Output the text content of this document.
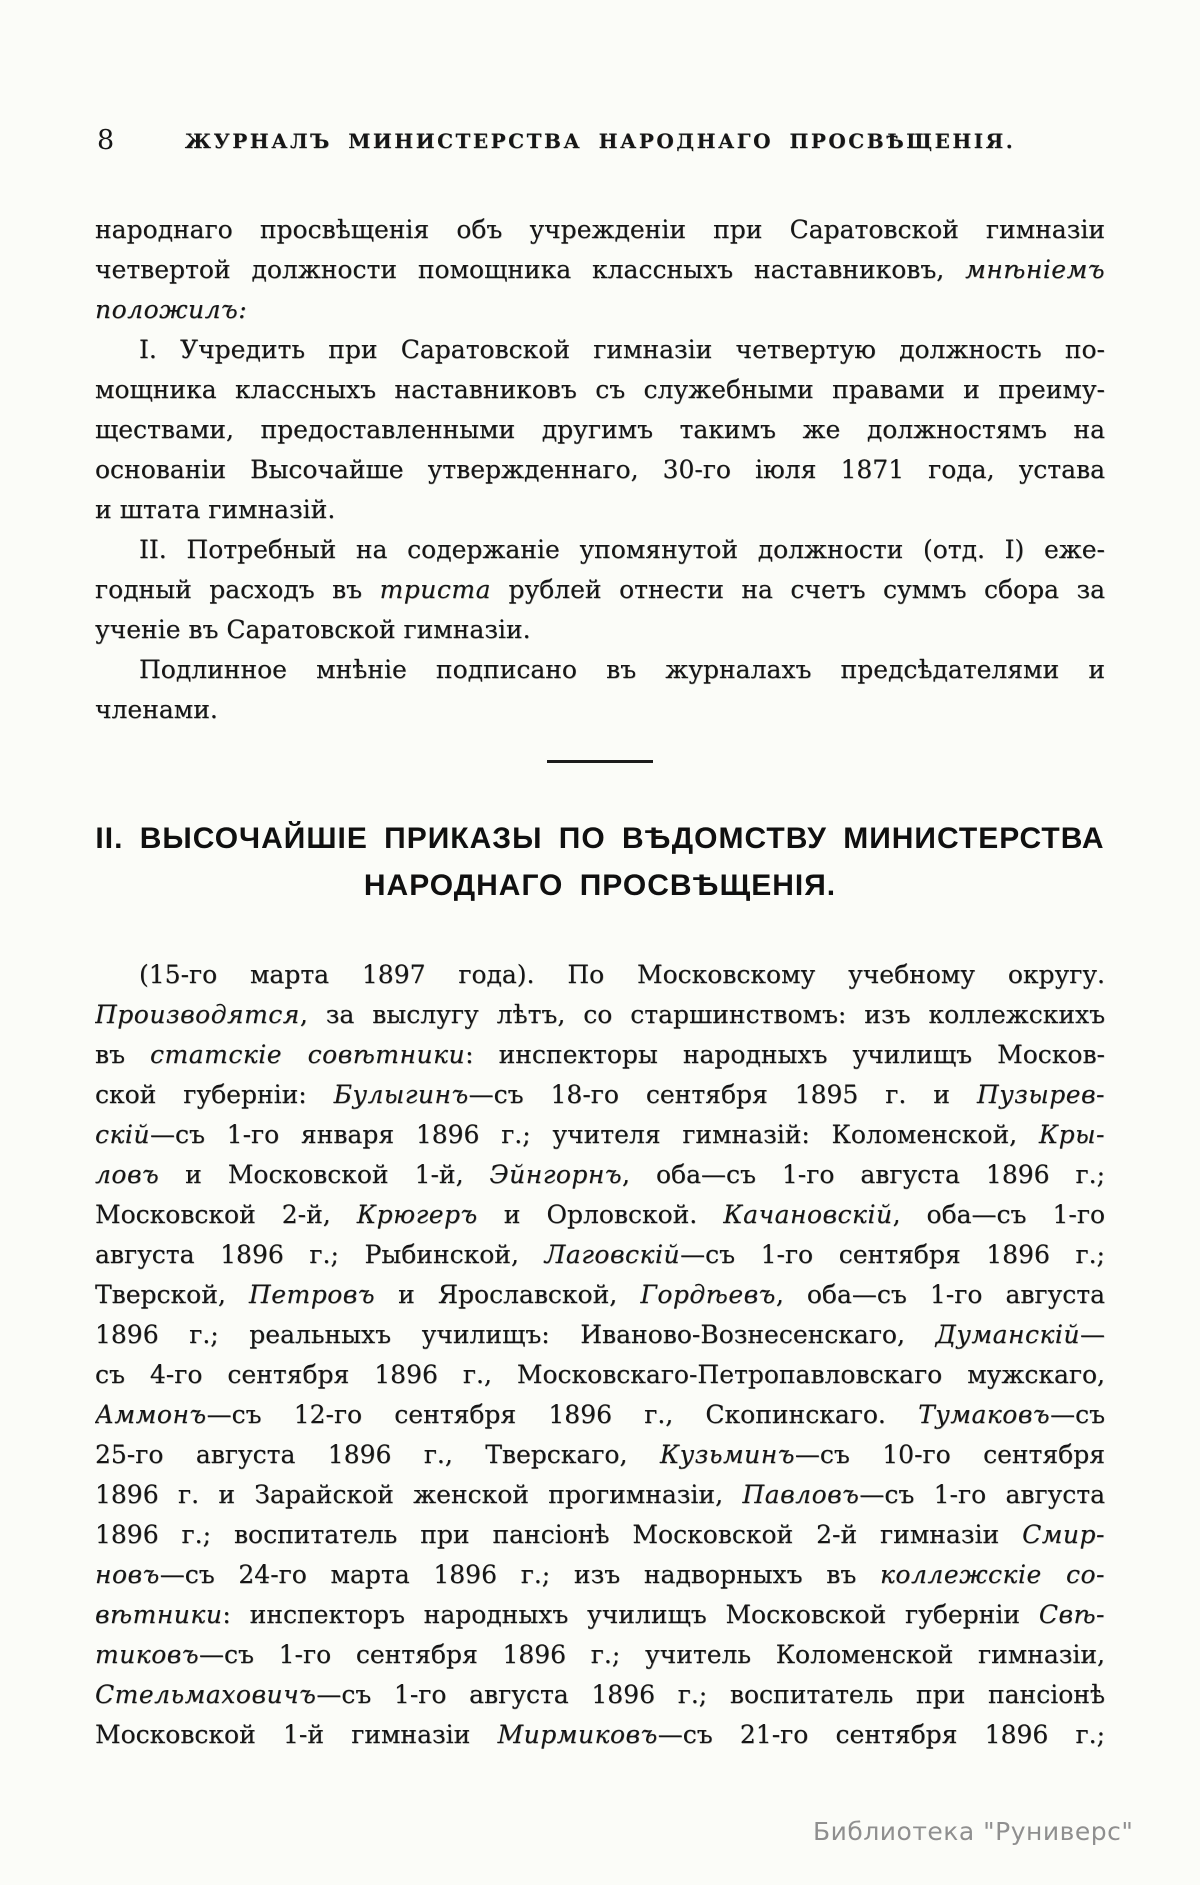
8	ЖУРНАЛЪ МИНИСТЕРСТВА НАРОДНАГО ПРОСВѢЩЕНІЯ.
народнаго просвѣщенія объ учрежденіи при Саратовской гимназіи
четвертой должности помощника классныхъ наставниковъ, мнѣніемъ
положилъ:
I. Учредить при Саратовской гимназіи четвертую должность по-
мощника классныхъ наставниковъ съ служебными правами и преиму-
ществами, предоставленными другимъ такимъ же должностямъ на
основаніи Высочайше утвержденнаго, 30-го іюля 1871 года, устава
и штата гимназій.
II. Потребный на содержаніе упомянутой должности (отд. I) еже-
годный расходъ въ триста рублей отнести на счетъ суммъ сбора за
ученіе въ Саратовской гимназіи.
Подлинное мнѣніе подписано въ журналахъ предсѣдателями и
членами.
II. ВЫСОЧАЙШІЕ ПРИКАЗЫ ПО ВѢДОМСТВУ МИНИСТЕРСТВА
НАРОДНАГО ПРОСВѢЩЕНІЯ.
(15-го марта 1897 года). По Московскому учебному округу.
Производятся, за выслугу лѣтъ, со старшинствомъ: изъ коллежскихъ
въ статскіе совѣтники: инспекторы народныхъ училищъ Москов-
ской губерніи: Булыгинъ—съ 18-го сентября 1895 г. и Пузырев-
скій—съ 1-го января 1896 г.; учителя гимназій: Коломенской, Кры-
ловъ и Московской 1-й, Эйнгорнъ, оба—съ 1-го августа 1896 г.;
Московской 2-й, Крюгеръ и Орловской. Качановскій, оба—съ 1-го
августа 1896 г.; Рыбинской, Лаговскій—съ 1-го сентября 1896 г.;
Тверской, Петровъ и Ярославской, Гордѣевъ, оба—съ 1-го августа
1896 г.; реальныхъ училищъ: Иваново-Вознесенскаго, Думанскій—
съ 4-го сентября 1896 г., Московскаго-Петропавловскаго мужскаго,
Аммонъ—съ 12-го сентября 1896 г., Скопинскаго. Тумаковъ—съ
25-го августа 1896 г., Тверскаго, Кузьминъ—съ 10-го сентября
1896 г. и Зарайской женской прогимназіи, Павловъ—съ 1-го августа
1896 г.; воспитатель при пансіонѣ Московской 2-й гимназіи Смир-
новъ—съ 24-го марта 1896 г.; изъ надворныхъ въ коллежскіе со-
вѣтники: инспекторъ народныхъ училищъ Московской губерніи Свѣ-
тиковъ—съ 1-го сентября 1896 г.; учитель Коломенской гимназіи,
Стельмаховичъ—съ 1-го августа 1896 г.; воспитатель при пансіонѣ
Московской 1-й гимназіи Мирмиковъ—съ 21-го сентября 1896 г.;
Библиотека "Руниверс"
